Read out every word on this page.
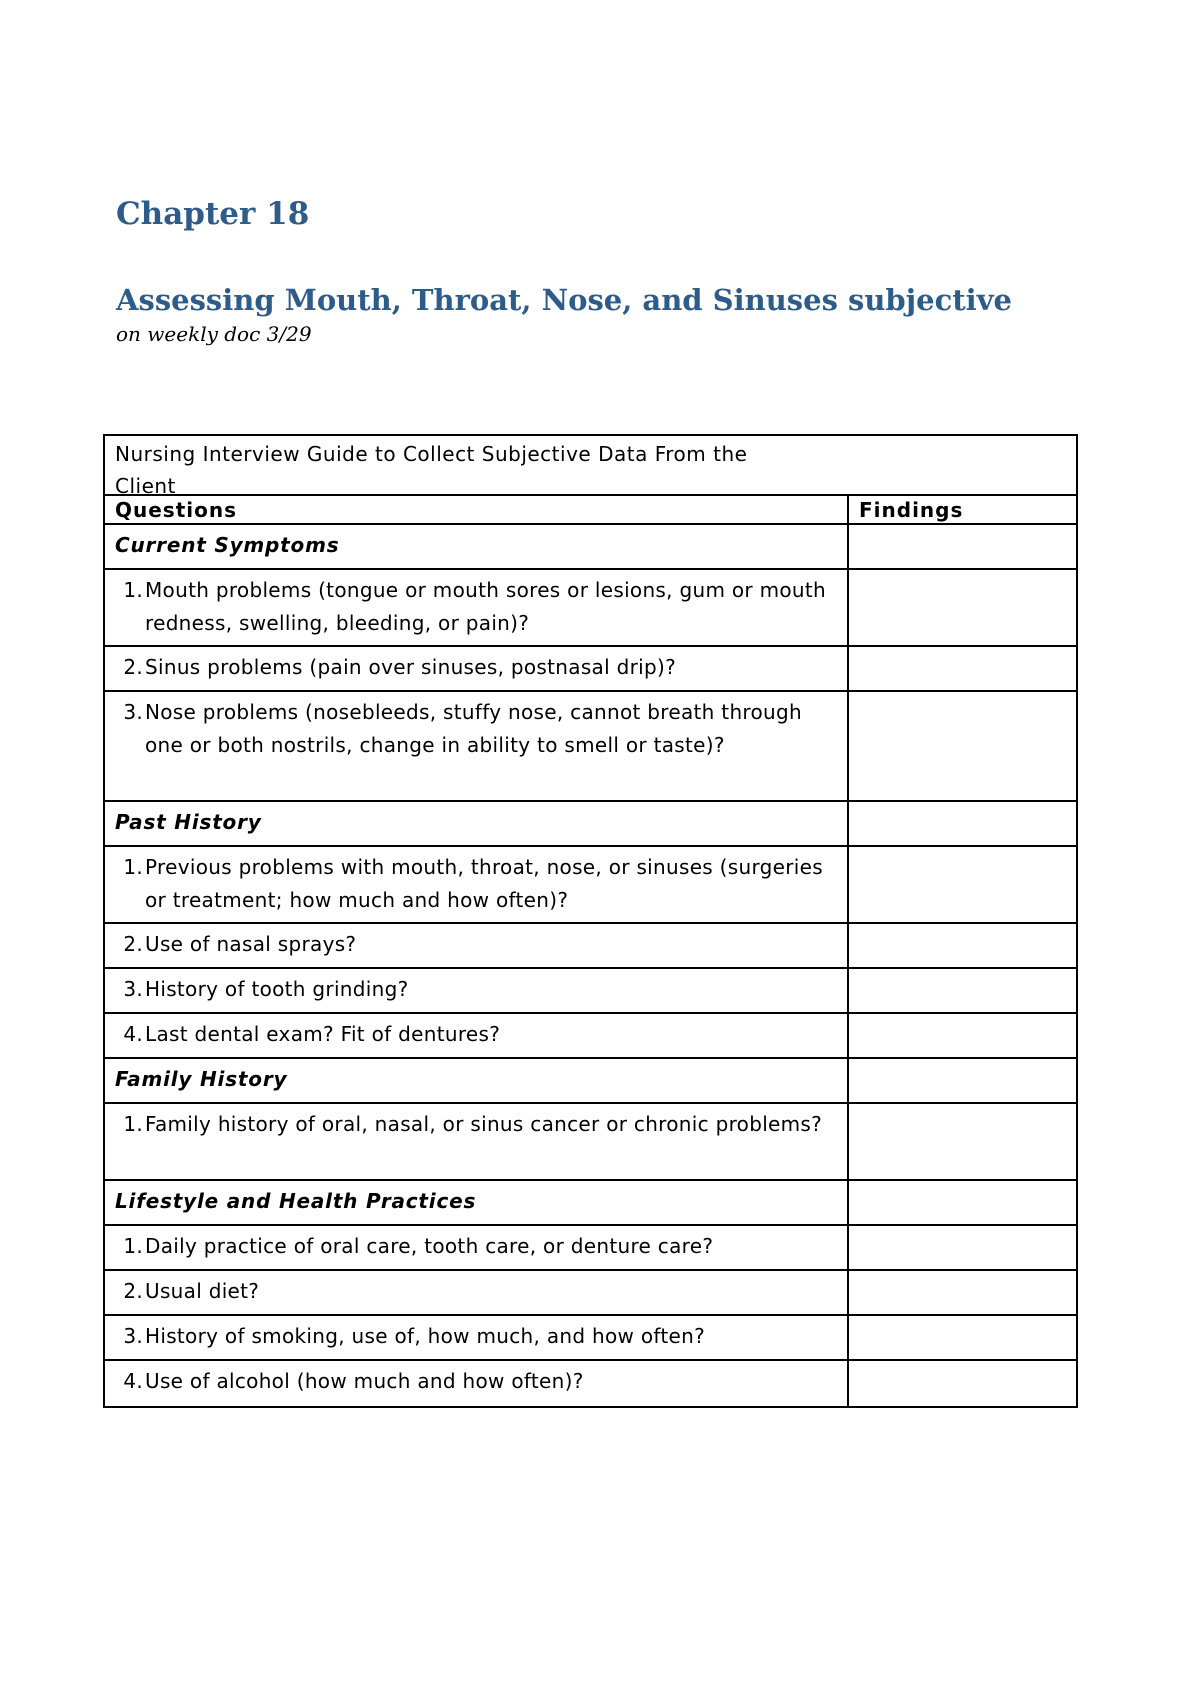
Chapter 18
Assessing Mouth, Throat, Nose, and Sinuses subjective

on weekly doc 3/29

Nursing Interview Guide to Collect Subjective Data From the Client
Questions	Findings
Current Symptoms
1. Mouth problems (tongue or mouth sores or lesions, gum or mouth redness, swelling, bleeding, or pain)?
2. Sinus problems (pain over sinuses, postnasal drip)?
3. Nose problems (nosebleeds, stuffy nose, cannot breath through one or both nostrils, change in ability to smell or taste)?
Past History
1. Previous problems with mouth, throat, nose, or sinuses (surgeries or treatment; how much and how often)?
2. Use of nasal sprays?
3. History of tooth grinding?
4. Last dental exam? Fit of dentures?
Family History
1. Family history of oral, nasal, or sinus cancer or chronic problems?
Lifestyle and Health Practices
1. Daily practice of oral care, tooth care, or denture care?
2. Usual diet?
3. History of smoking, use of, how much, and how often?
4. Use of alcohol (how much and how often)?
